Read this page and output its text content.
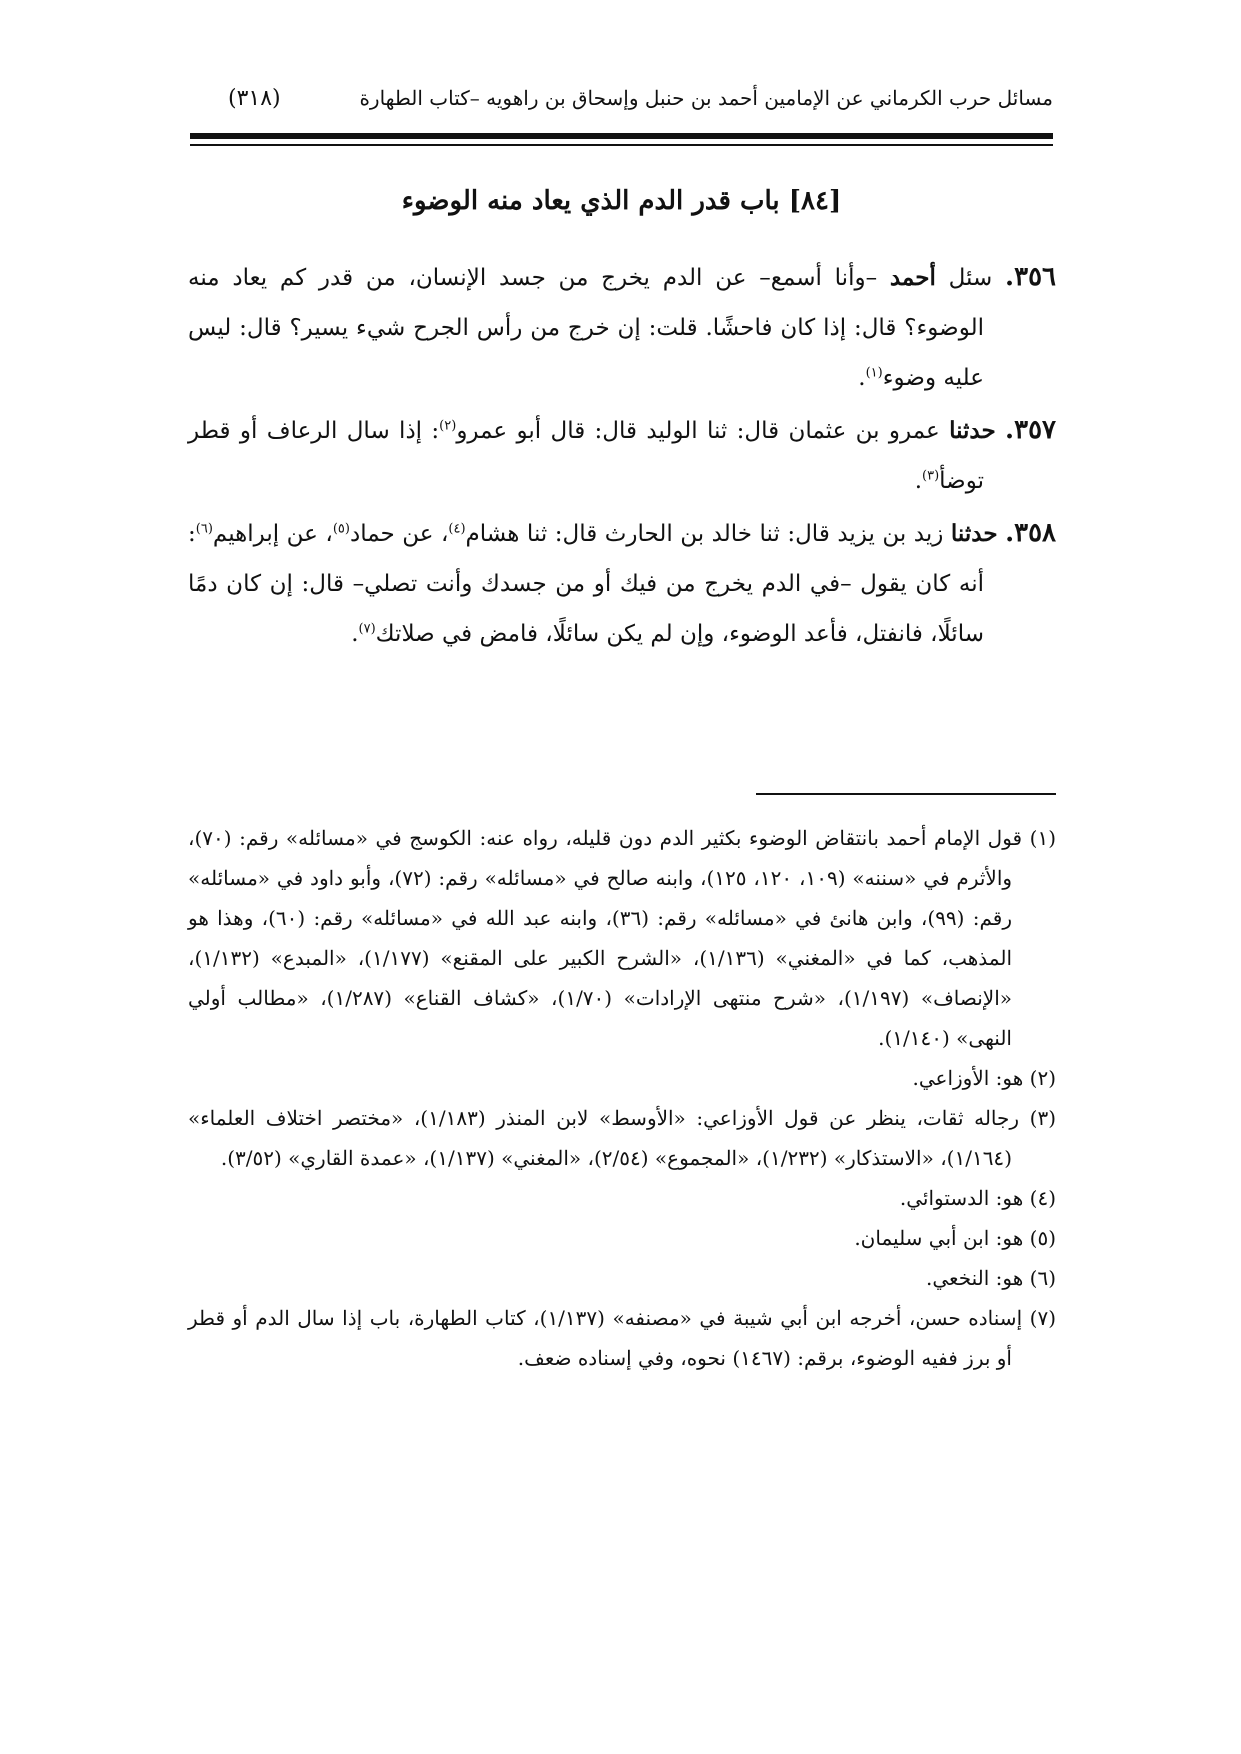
مسائل حرب الكرماني عن الإمامين أحمد بن حنبل وإسحاق بن راهويه –كتاب الطهارة
(٣١٨)
[٨٤] باب قدر الدم الذي يعاد منه الوضوء
٣٥٦. سئل أحمد –وأنا أسمع– عن الدم يخرج من جسد الإنسان، من قدر كم يعاد منه الوضوء؟ قال: إذا كان فاحشًا. قلت: إن خرج من رأس الجرح شيء يسير؟ قال: ليس عليه وضوء$^{(١)}$.
٣٥٧. حدثنا عمرو بن عثمان قال: ثنا الوليد قال: قال أبو عمرو$^{(٢)}$: إذا سال الرعاف أو قطر توضأ$^{(٣)}$.
٣٥٨. حدثنا زيد بن يزيد قال: ثنا خالد بن الحارث قال: ثنا هشام$^{(٤)}$، عن حماد$^{(٥)}$، عن إبراهيم$^{(٦)}$: أنه كان يقول –في الدم يخرج من فيك أو من جسدك وأنت تصلي– قال: إن كان دمًا سائلًا، فانفتل، فأعد الوضوء، وإن لم يكن سائلًا، فامض في صلاتك$^{(٧)}$.
(١) قول الإمام أحمد بانتقاض الوضوء بكثير الدم دون قليله، رواه عنه: الكوسج في «مسائله» رقم: (٧٠)، والأثرم في «سننه» (١٠٩، ١٢٠، ١٢٥)، وابنه صالح في «مسائله» رقم: (٧٢)، وأبو داود في «مسائله» رقم: (٩٩)، وابن هانئ في «مسائله» رقم: (٣٦)، وابنه عبد الله في «مسائله» رقم: (٦٠)، وهذا هو المذهب، كما في «المغني» (١/١٣٦)، «الشرح الكبير على المقنع» (١/١٧٧)، «المبدع» (١/١٣٢)، «الإنصاف» (١/١٩٧)، «شرح منتهى الإرادات» (١/٧٠)، «كشاف القناع» (١/٢٨٧)، «مطالب أولي النهى» (١/١٤٠).
(٢) هو: الأوزاعي.
(٣) رجاله ثقات، ينظر عن قول الأوزاعي: «الأوسط» لابن المنذر (١/١٨٣)، «مختصر اختلاف العلماء» (١/١٦٤)، «الاستذكار» (١/٢٣٢)، «المجموع» (٢/٥٤)، «المغني» (١/١٣٧)، «عمدة القاري» (٣/٥٢).
(٤) هو: الدستوائي.
(٥) هو: ابن أبي سليمان.
(٦) هو: النخعي.
(٧) إسناده حسن، أخرجه ابن أبي شيبة في «مصنفه» (١/١٣٧)، كتاب الطهارة، باب إذا سال الدم أو قطر أو برز ففيه الوضوء، برقم: (١٤٦٧) نحوه، وفي إسناده ضعف.
